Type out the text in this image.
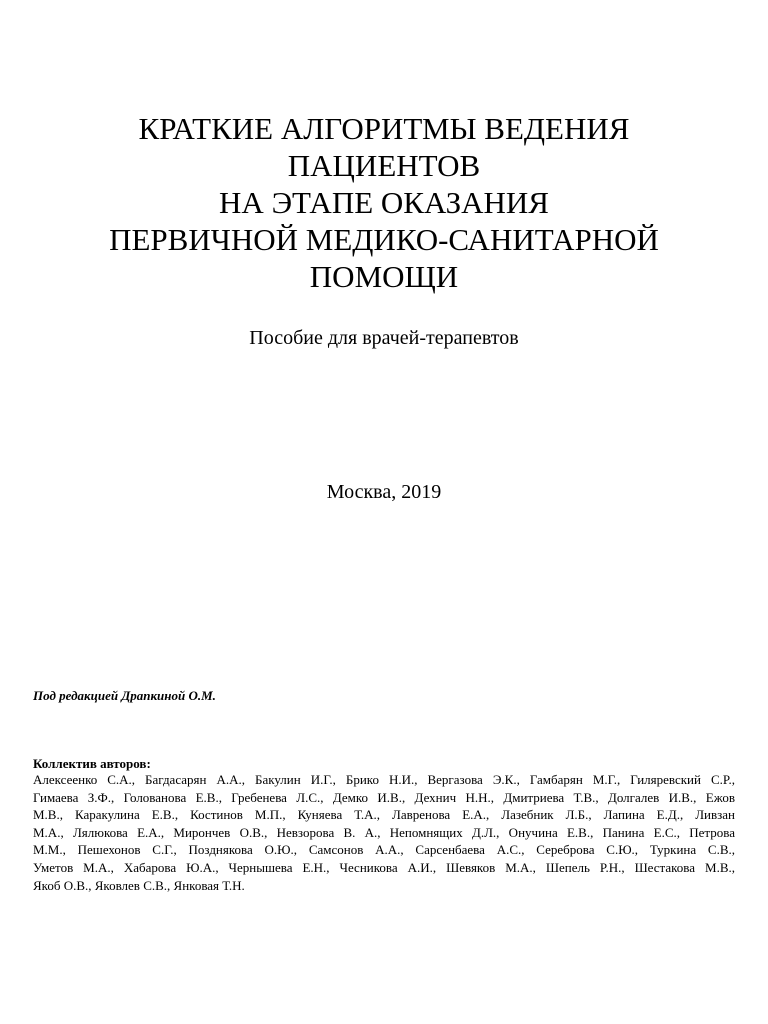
КРАТКИЕ АЛГОРИТМЫ ВЕДЕНИЯ
ПАЦИЕНТОВ
НА ЭТАПЕ ОКАЗАНИЯ
ПЕРВИЧНОЙ МЕДИКО-САНИТАРНОЙ
ПОМОЩИ
Пособие для врачей-терапевтов
Москва, 2019
Под редакцией Драпкиной О.М.
Коллектив авторов:
Алексеенко С.А., Багдасарян А.А., Бакулин И.Г., Брико Н.И., Вергазова Э.К., Гамбарян М.Г., Гиляревский С.Р.,
Гимаева З.Ф., Голованова Е.В., Гребенева Л.С., Демко И.В., Дехнич Н.Н., Дмитриева Т.В., Долгалев И.В., Ежов
М.В., Каракулина Е.В., Костинов М.П., Куняева Т.А., Лавренова Е.А., Лазебник Л.Б., Лапина Е.Д., Ливзан
М.А., Лялюкова Е.А., Мирончев О.В., Невзорова В. А., Непомнящих Д.Л., Онучина Е.В., Панина Е.С., Петрова
М.М., Пешехонов С.Г., Позднякова О.Ю., Самсонов А.А., Сарсенбаева А.С., Сереброва С.Ю., Туркина С.В.,
Уметов М.А., Хабарова Ю.А., Чернышева Е.Н., Чесникова А.И., Шевяков М.А., Шепель Р.Н., Шестакова М.В.,
Якоб О.В., Яковлев С.В., Янковая Т.Н.
